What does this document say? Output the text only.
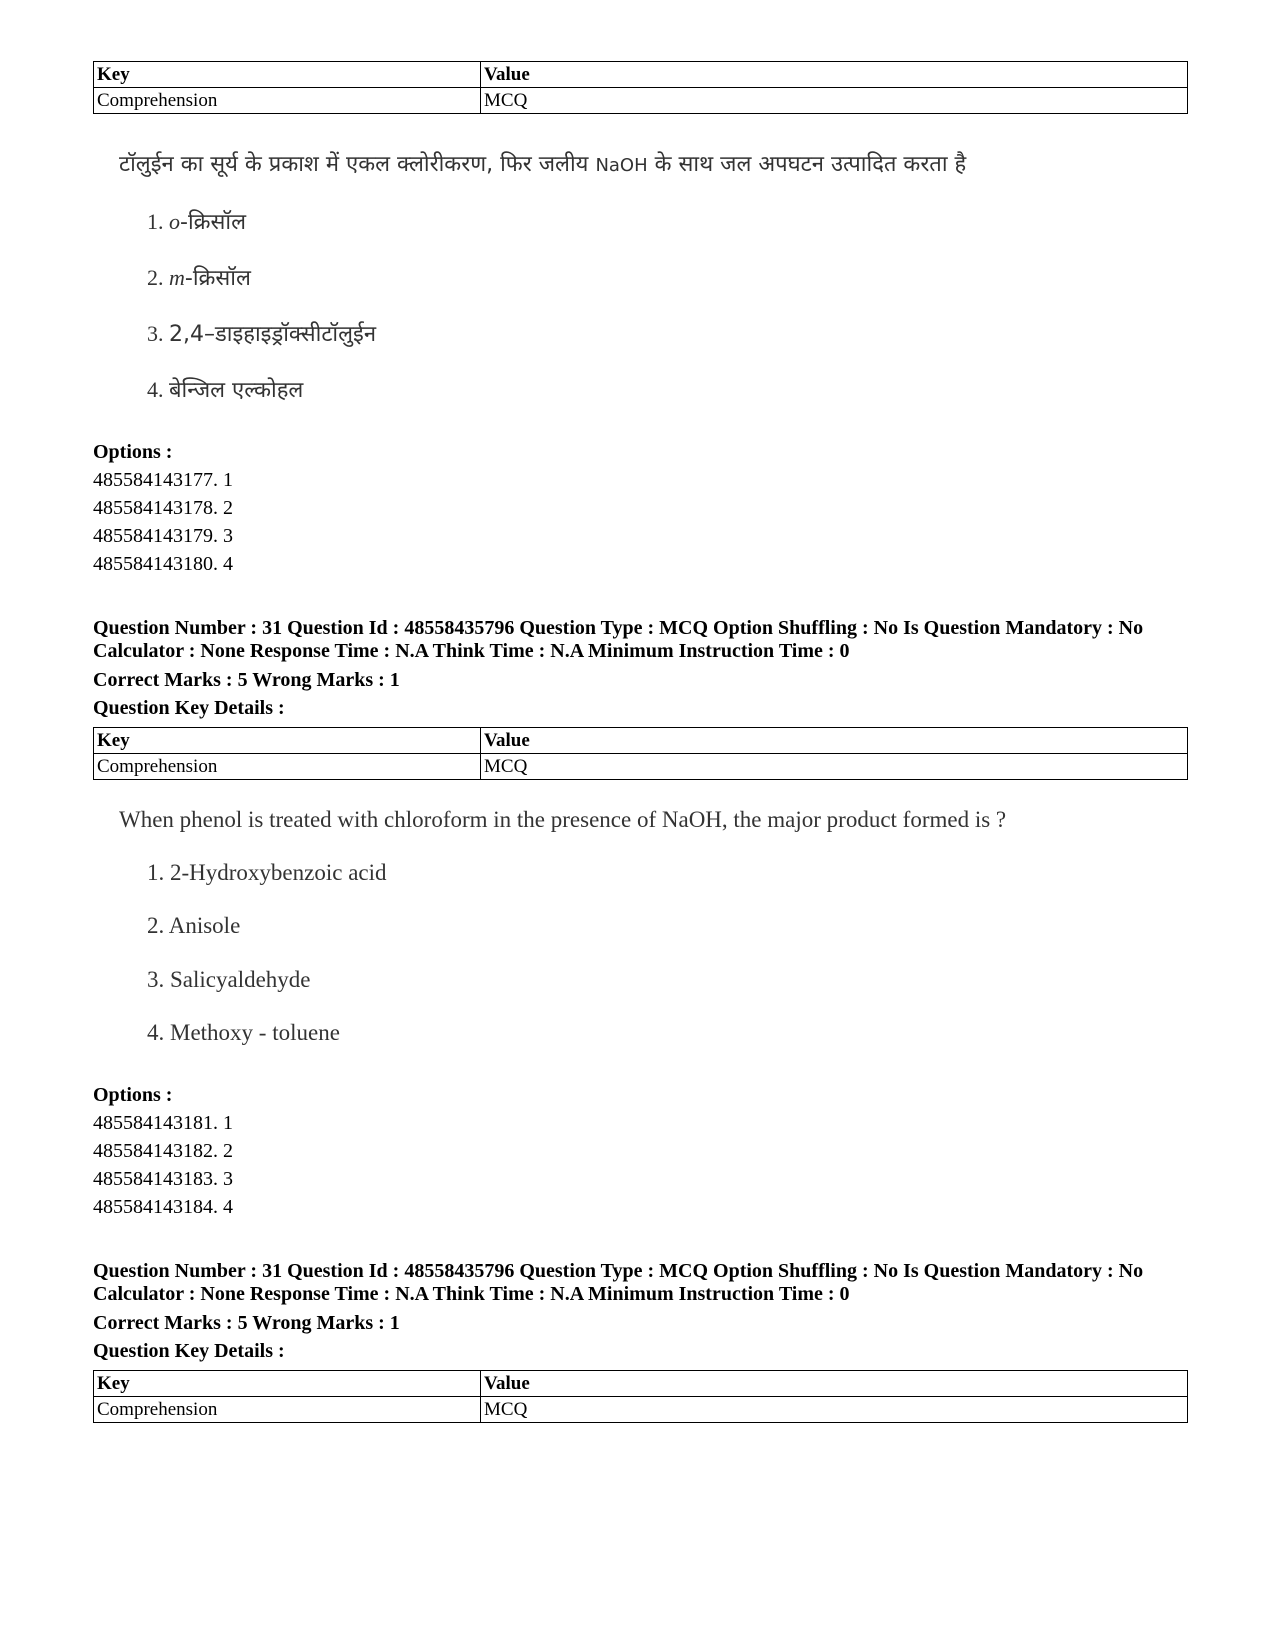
Key	Value
Comprehension	MCQ
टॉलुईन का सूर्य के प्रकाश में एकल क्लोरीकरण, फिर जलीय NaOH के साथ जल अपघटन उत्पादित करता है
1. o-क्रिसॉल
2. m-क्रिसॉल
3. 2,4–डाइहाइड्रॉक्सीटॉलुईन
4. बेन्जिल एल्कोहल
Options :
485584143177. 1
485584143178. 2
485584143179. 3
485584143180. 4
Question Number : 31 Question Id : 48558435796 Question Type : MCQ Option Shuffling : No Is Question Mandatory : No Calculator : None Response Time : N.A Think Time : N.A Minimum Instruction Time : 0
Correct Marks : 5 Wrong Marks : 1
Question Key Details :
Key	Value
Comprehension	MCQ
When phenol is treated with chloroform in the presence of NaOH, the major product formed is ?
1. 2-Hydroxybenzoic acid
2. Anisole
3. Salicyaldehyde
4. Methoxy - toluene
Options :
485584143181. 1
485584143182. 2
485584143183. 3
485584143184. 4
Question Number : 31 Question Id : 48558435796 Question Type : MCQ Option Shuffling : No Is Question Mandatory : No Calculator : None Response Time : N.A Think Time : N.A Minimum Instruction Time : 0
Correct Marks : 5 Wrong Marks : 1
Question Key Details :
Key	Value
Comprehension	MCQ
